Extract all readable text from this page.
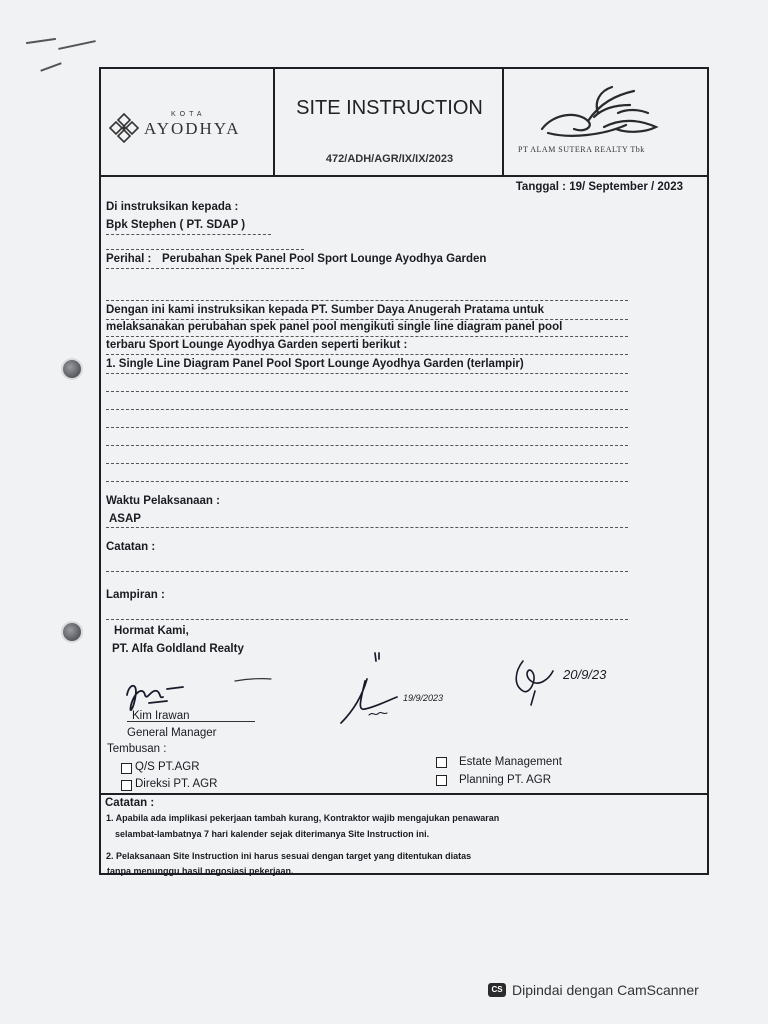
KOTA
AYODHYA
SITE INSTRUCTION
472/ADH/AGR/IX/IX/2023
PT ALAM SUTERA REALTY Tbk
Tanggal : 19/ September / 2023
Di instruksikan kepada :
Bpk Stephen ( PT. SDAP )
Perihal : Perubahan Spek Panel Pool Sport Lounge Ayodhya Garden
Dengan ini kami instruksikan kepada PT. Sumber Daya Anugerah Pratama untuk
melaksanakan perubahan spek panel pool mengikuti single line diagram panel pool
terbaru Sport Lounge Ayodhya Garden seperti berikut :
1. Single Line Diagram Panel Pool Sport Lounge Ayodhya Garden (terlampir)
Waktu Pelaksanaan :
ASAP
Catatan :
Lampiran :
Hormat Kami,
PT. Alfa Goldland Realty
Kim Irawan
General Manager
19/9/2023
20/9/23
Tembusan :
Q/S PT.AGR
Direksi PT. AGR
Estate Management
Planning PT. AGR
Catatan :
1. Apabila ada implikasi pekerjaan tambah kurang, Kontraktor wajib mengajukan penawaran
selambat-lambatnya 7 hari kalender sejak diterimanya Site Instruction ini.
2. Pelaksanaan Site Instruction ini harus sesuai dengan target yang ditentukan diatas
tanpa menunggu hasil negosiasi pekerjaan.
CS Dipindai dengan CamScanner
